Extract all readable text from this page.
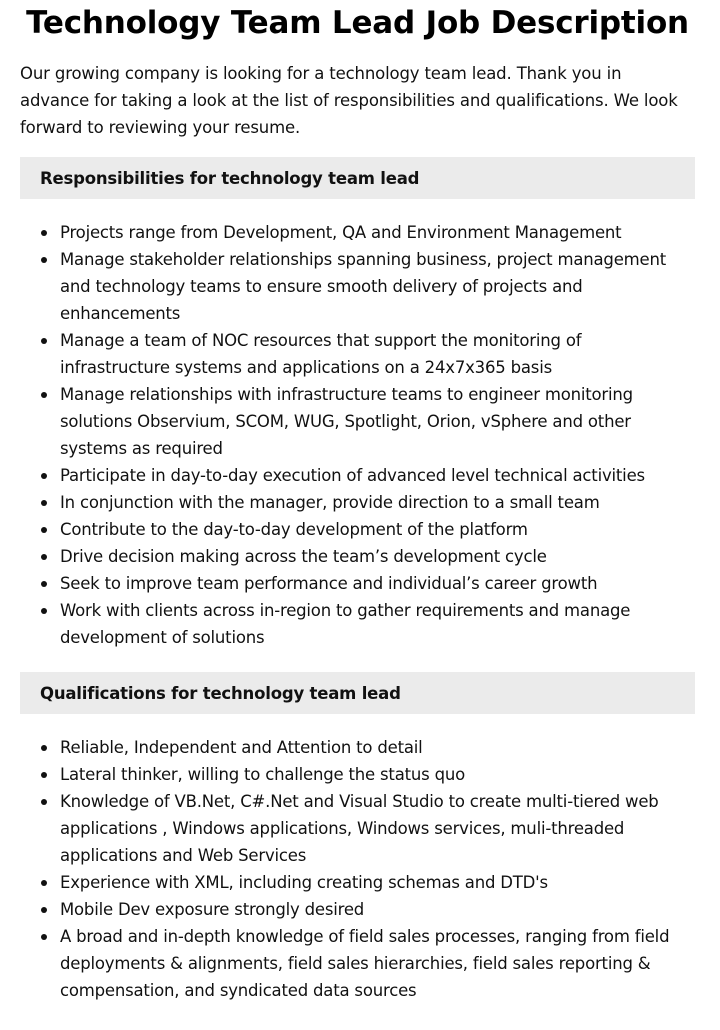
Technology Team Lead Job Description

Our growing company is looking for a technology team lead. Thank you in advance for taking a look at the list of responsibilities and qualifications. We look forward to reviewing your resume.

Responsibilities for technology team lead
Projects range from Development, QA and Environment Management
Manage stakeholder relationships spanning business, project management and technology teams to ensure smooth delivery of projects and enhancements
Manage a team of NOC resources that support the monitoring of infrastructure systems and applications on a 24x7x365 basis
Manage relationships with infrastructure teams to engineer monitoring solutions Observium, SCOM, WUG, Spotlight, Orion, vSphere and other systems as required
Participate in day-to-day execution of advanced level technical activities
In conjunction with the manager, provide direction to a small team
Contribute to the day-to-day development of the platform
Drive decision making across the team’s development cycle
Seek to improve team performance and individual’s career growth
Work with clients across in-region to gather requirements and manage development of solutions
Qualifications for technology team lead
Reliable, Independent and Attention to detail
Lateral thinker, willing to challenge the status quo
Knowledge of VB.Net, C#.Net and Visual Studio to create multi-tiered web applications , Windows applications, Windows services, muli-threaded applications and Web Services
Experience with XML, including creating schemas and DTD's
Mobile Dev exposure strongly desired
A broad and in-depth knowledge of field sales processes, ranging from field deployments & alignments, field sales hierarchies, field sales reporting & compensation, and syndicated data sources
